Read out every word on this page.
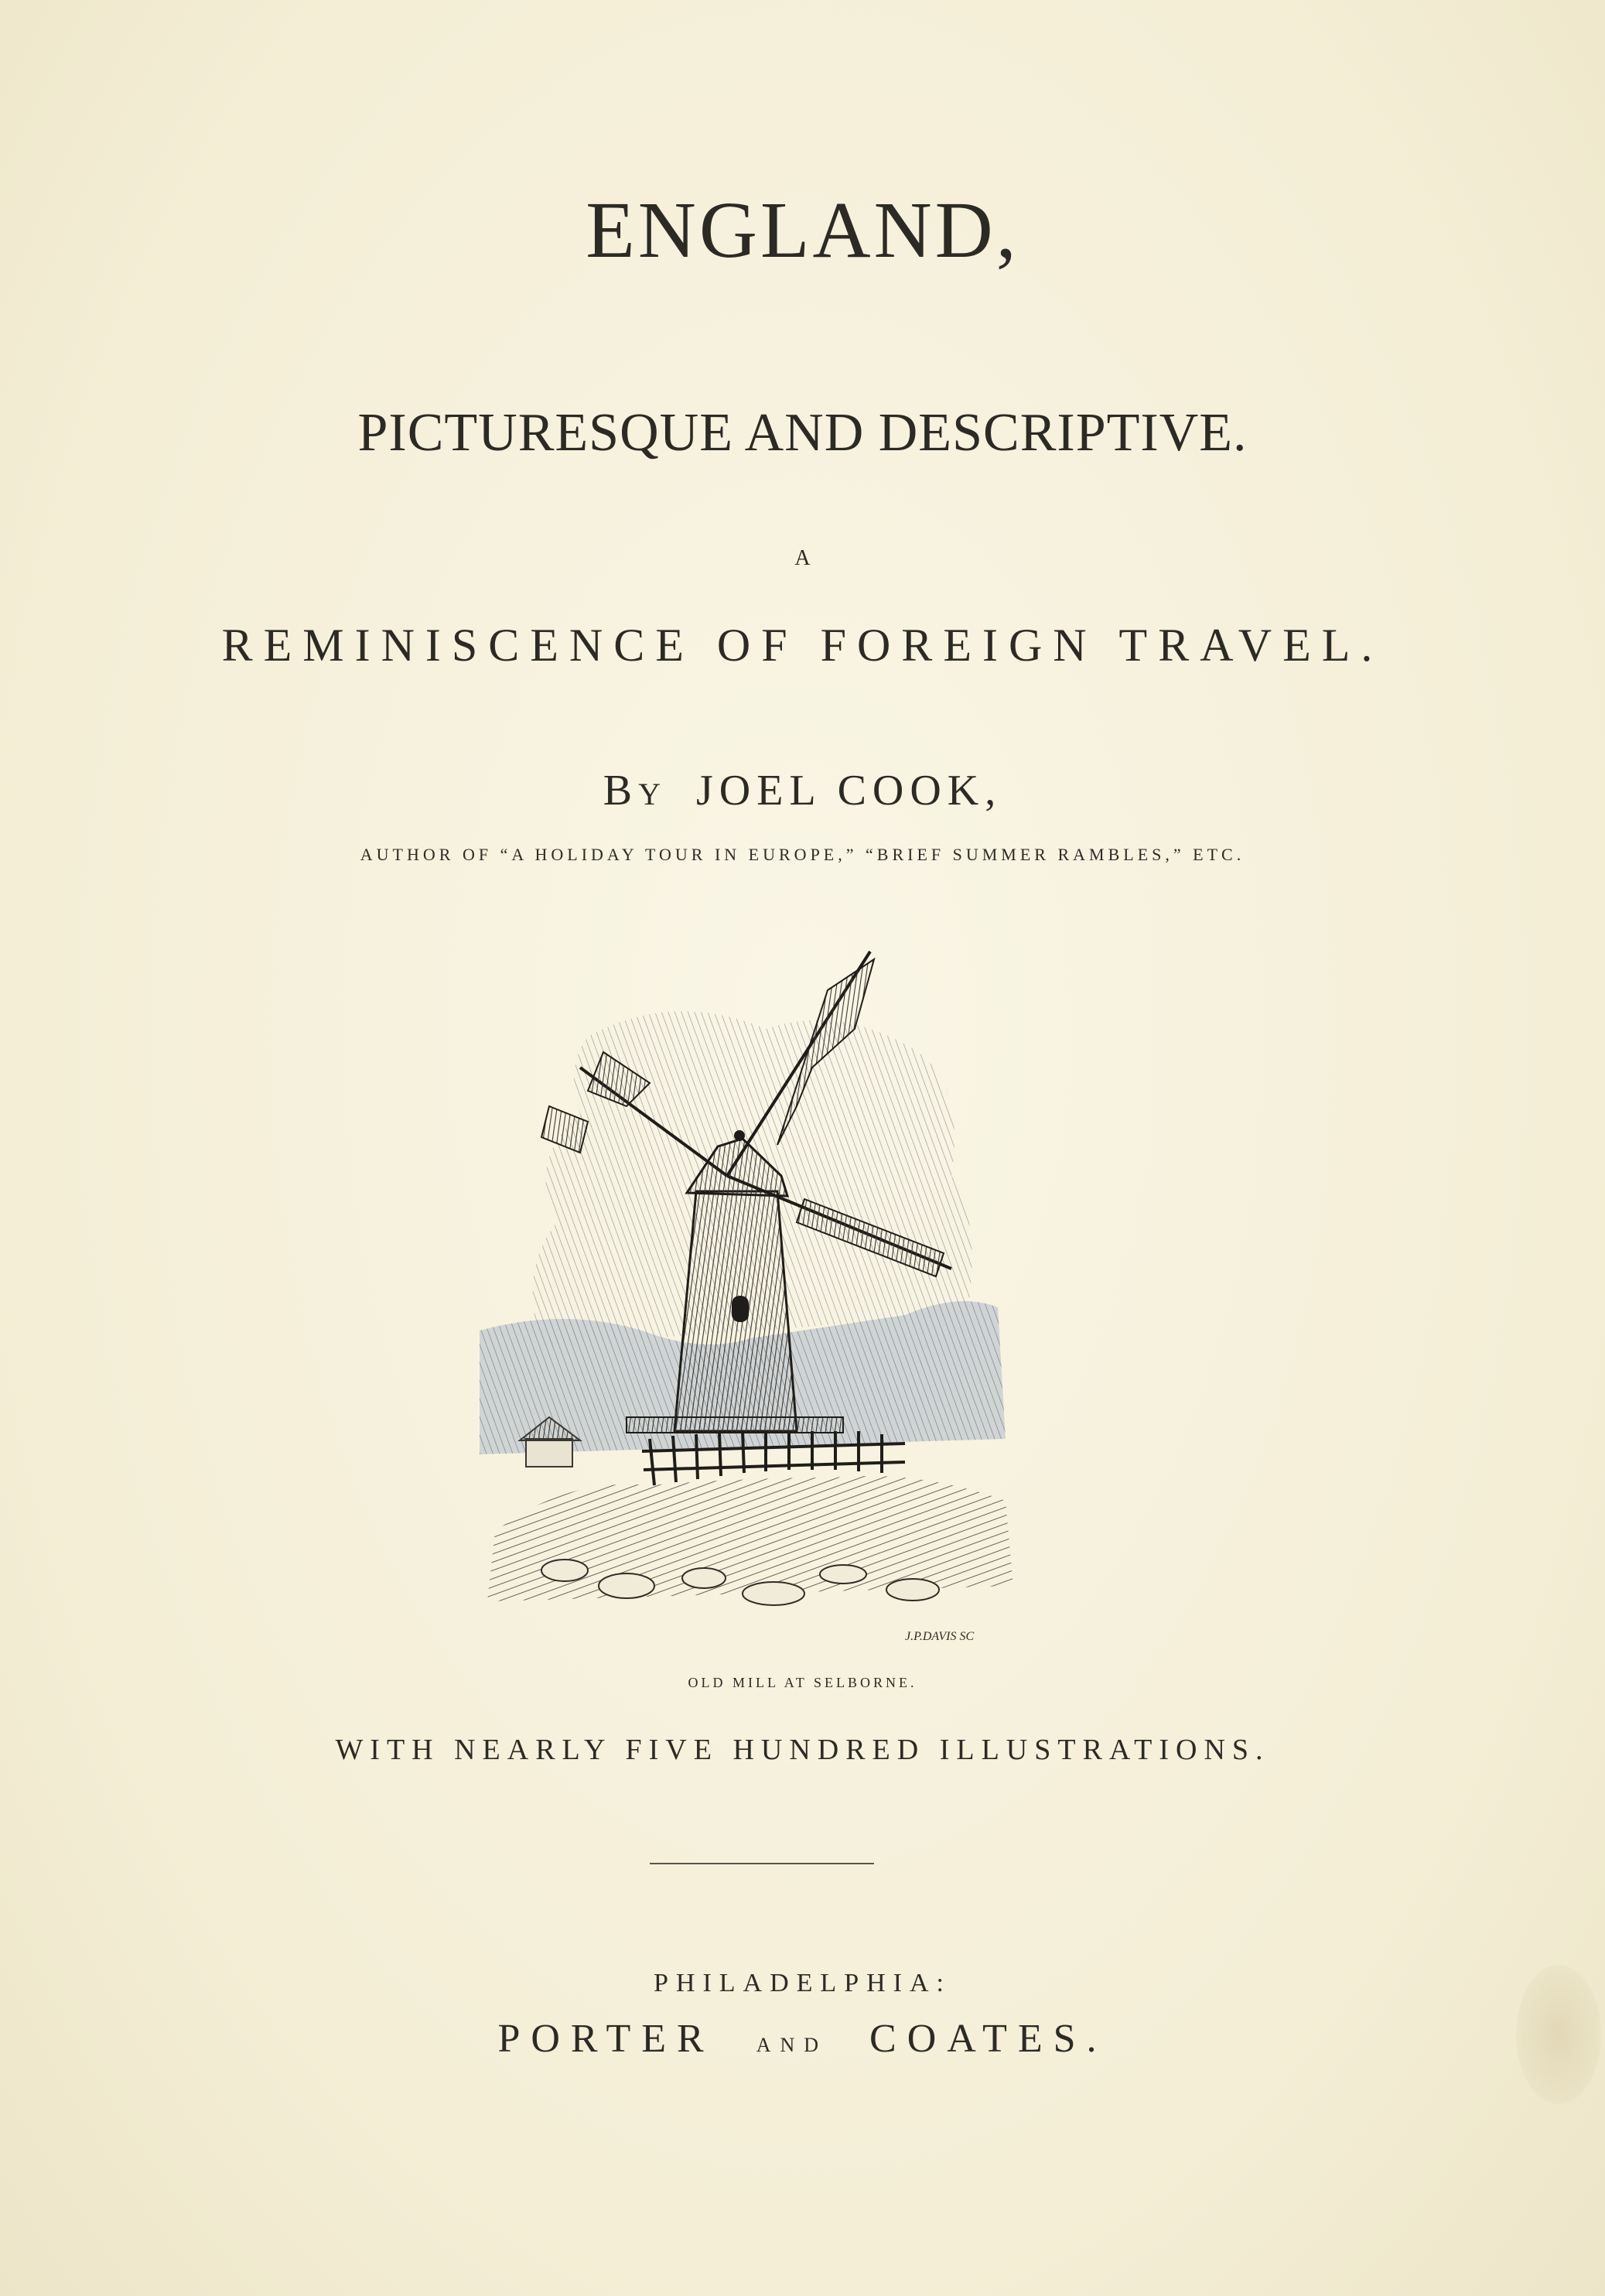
ENGLAND,
PICTURESQUE AND DESCRIPTIVE.
A
REMINISCENCE OF FOREIGN TRAVEL.
BY JOEL COOK,
AUTHOR OF “A HOLIDAY TOUR IN EUROPE,” “BRIEF SUMMER RAMBLES,” ETC.
J.P.DAVIS SC
OLD MILL AT SELBORNE.
WITH NEARLY FIVE HUNDRED ILLUSTRATIONS.
PHILADELPHIA:
PORTER AND COATES.
